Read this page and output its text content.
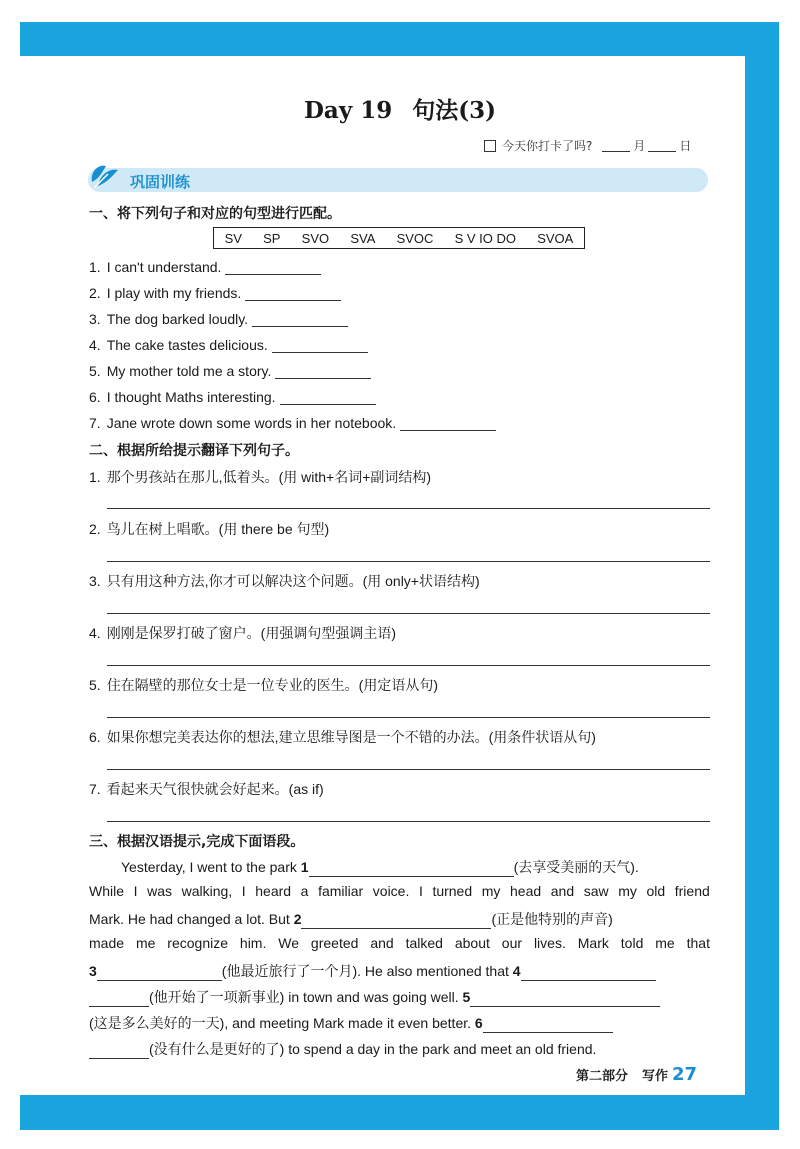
Day 19 句法(3)
今天你打卡了吗?	月	日
巩固训练
一、将下列句子和对应的句型进行匹配。
SV SP SVO SVA SVOC S V IO DO SVOA
1. I can't understand.
2. I play with my friends.
3. The dog barked loudly.
4. The cake tastes delicious.
5. My mother told me a story.
6. I thought Maths interesting.
7. Jane wrote down some words in her notebook.
二、根据所给提示翻译下列句子。
1. 那个男孩站在那儿,低着头。(用 with+名词+副词结构)
2. 鸟儿在树上唱歌。(用 there be 句型)
3. 只有用这种方法,你才可以解决这个问题。(用 only+状语结构)
4. 刚刚是保罗打破了窗户。(用强调句型强调主语)
5. 住在隔壁的那位女士是一位专业的医生。(用定语从句)
6. 如果你想完美表达你的想法,建立思维导图是一个不错的办法。(用条件状语从句)
7. 看起来天气很快就会好起来。(as if)
三、根据汉语提示,完成下面语段。
Yesterday, I went to the park 1	(去享受美丽的天气).
While I was walking, I heard a familiar voice. I turned my head and saw my old friend
Mark. He had changed a lot. But 2	(正是他特别的声音)
made me recognize him. We greeted and talked about our lives. Mark told me that
3	(他最近旅行了一个月). He also mentioned that 4
(他开始了一项新事业) in town and was going well. 5
(这是多么美好的一天), and meeting Mark made it even better. 6
(没有什么是更好的了) to spend a day in the park and meet an old friend.
第二部分 写作 27
